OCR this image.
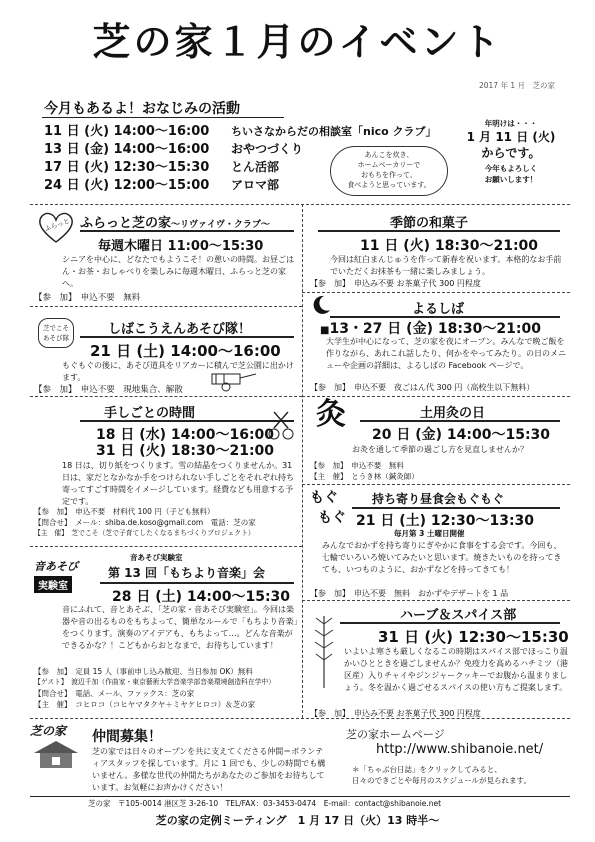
芝の家１月のイベント
2017 年 1 月　芝の家
今月もあるよ！おなじみの活動
11 日 (火) 14:00〜16:00 ちいさなからだの相談室「nico クラブ」
13 日 (金) 14:00〜16:00 おやつづくり
17 日 (火) 12:30〜15:30 とん活部
24 日 (火) 12:00〜15:00 アロマ部
あんこを炊き、
ホームベーカリーで
おもちを作って、
食べようと思っています。
年明けは・・・
1 月 11 日 (火)
からです。
今年もよろしく
お願いします！
ふらっと ふらっと芝の家〜リヴァイヴ・クラブ〜
毎週木曜日 11:00〜15:30
シニアを中心に、どなたでもようこそ！の憩いの時間。お昼ごはん・お茶・おしゃべりを楽しみに毎週木曜日、ふらっと芝の家へ。
【参　加】　申込不要　無料
芝でこそ
あそび隊
しばこうえんあそび隊！
21 日 (土) 14:00〜16:00
もぐもぐの後に、あそび道具をリアカーに積んで芝公園に出かけます。
【参　加】　申込不要　現地集合、解散
手しごとの時間
18 日 (水) 14:00〜16:00
31 日 (火) 18:30〜21:00
18 日は、切り紙をつくります。雪の結晶をつくりませんか。31 日は、家だとなかなか手をつけられない手しごとをそれぞれ持ち寄ってすごす時間をイメージしています。経費なども用意する予定です。
【参　加】　申込不要　材料代 100 円（子ども無料）
【問合せ】　メール：shiba.de.koso@gmail.com　電話：芝の家
【主　催】　芝でこそ（芝で子育てしたくなるまちづくりプロジェクト）
音あそび実験室
第 13 回「もちより音楽」会
音あそび
実験室
28 日 (土) 14:00〜15:30
音にふれて、音とあそぶ、｢芝の家・音あそび実験室｣。今回は楽器や音の出るものをもちよって、簡単なルールで「もちより音楽」をつくります。演奏のアイデアも、もちよって…。どんな音楽ができるかな？！こどもからおとなまで、お待ちしています！
【参　加】　定員 15 人（事前申し込み歓迎、当日参加 OK）無料
【ゲスト】　渡辺千加（作曲家・東京藝術大学音楽学部音楽環境創造科在学中）
【問合せ】　電話、メール、ファックス：芝の家
【主　催】　コヒロコ（コヒヤマタクヤ＋ミヤケヒロコ）＆芝の家
季節の和菓子
11 日 (火) 18:30〜21:00
今回は紅白まんじゅうを作って新春を祝います。本格的なお手前でいただくお抹茶も一緒に楽しみましょう。
【参　加】　申込み不要 お茶菓子代 300 円程度
よるしば
■13・27 日 (金) 18:30〜21:00
大学生が中心になって、芝の家を夜にオープン。みんなで晩ご飯を作りながら、あれこれ話したり、何かをやってみたり。の日のメニューや企画の詳細は、よるしばの Facebook ページで。
【参　加】　申込不要　夜ごはん代 300 円（高校生以下無料）
灸	土用灸の日
20 日 (金) 14:00〜15:30
お灸を通して季節の過ごし方を見直しませんか？
【参　加】　申込不要　無料
【主　催】　とうき林（鍼灸師）
もぐ
もぐ
持ち寄り昼食会もぐもぐ
21 日 (土) 12:30〜13:30
毎月第 3 土曜日開催
みんなでおかずを持ち寄りにぎやかに食事をする会です。今回も、七輪でいろいろ焼いてみたいと思います。焼きたいものを持ってきても、いつものように、おかずなどを持ってきても！
【参　加】　申込不要　無料　おかずやデザートを 1 品
ハーブ＆スパイス部
31 日 (火) 12:30〜15:30
いよいよ寒さも厳しくなるこの時期はスパイス部でほっこり温かいひとときを過ごしませんか？免疫力を高めるハチミツ（港区産）入りチャイやジンジャークッキーでお腹から温まりましょう。冬を温かく過ごせるスパイスの使い方もご提案します。
【参　加】　申込み不要 お茶菓子代 300 円程度
芝の家	仲間募集！
芝の家では日々のオープンを共に支えてくださる仲間＝ボランティアスタッフを探しています。月に 1 回でも、少しの時間でも構いません。多様な世代の仲間たちがあなたのご参加をお待ちしています。お気軽にお声かけください！
芝の家ホームページ
http://www.shibanoie.net/
＊「ちゃぶ台日誌」をクリックしてみると、
日々のできごとや毎月のスケジュールが見られます。
芝の家　〒105-0014 港区芝 3-26-10　TEL/FAX：03-3453-0474　E-mail：contact@shibanoie.net
芝の家の定例ミーティング　1 月 17 日（火）13 時半〜
